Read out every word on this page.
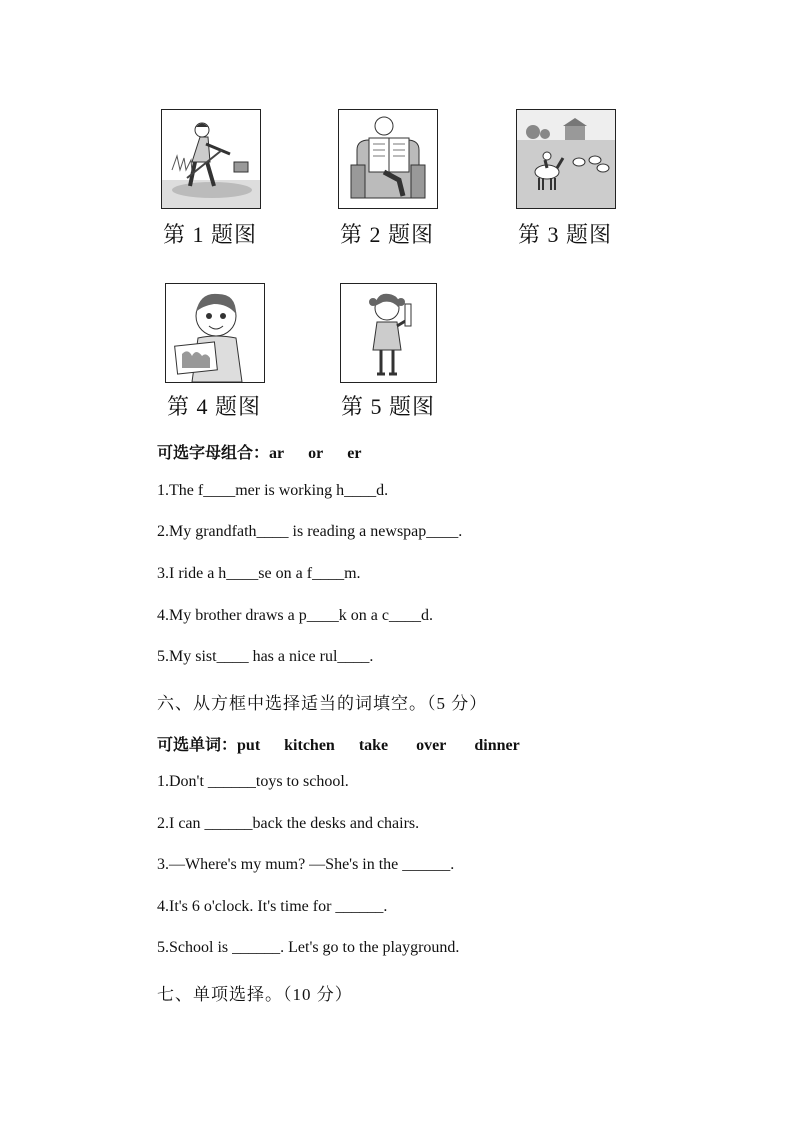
第 1 题图	第 2 题图	第 3 题图
第 4 题图	第 5 题图
可选字母组合：ar or er
1.The f____mer is working h____d.
2.My grandfath____ is reading a newspap____.
3.I ride a h____se on a f____m.
4.My brother draws a p____k on a c____d.
5.My sist____ has a nice rul____.
六、从方框中选择适当的词填空。（5 分）
可选单词：put kitchen take over dinner
1.Don't ______toys to school.
2.I can ______back the desks and chairs.
3.—Where's my mum? —She's in the ______.
4.It's 6 o'clock. It's time for ______.
5.School is ______. Let's go to the playground.
七、单项选择。（10 分）
